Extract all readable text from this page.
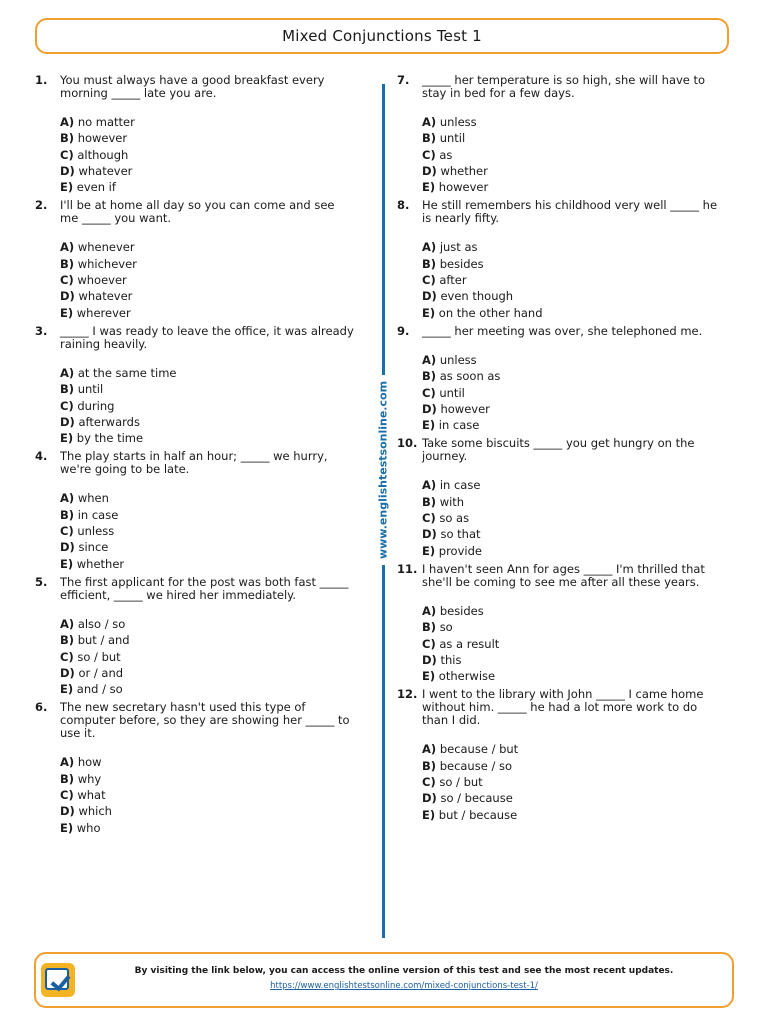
Mixed Conjunctions Test 1
www.englishtestsonline.com
1. You must always have a good breakfast every morning _____ late you are.
A) no matter
B) however
C) although
D) whatever
E) even if
2. I'll be at home all day so you can come and see me _____ you want.
A) whenever
B) whichever
C) whoever
D) whatever
E) wherever
3. _____ I was ready to leave the office, it was already raining heavily.
A) at the same time
B) until
C) during
D) afterwards
E) by the time
4. The play starts in half an hour; _____ we hurry, we're going to be late.
A) when
B) in case
C) unless
D) since
E) whether
5. The first applicant for the post was both fast _____ efficient, _____ we hired her immediately.
A) also / so
B) but / and
C) so / but
D) or / and
E) and / so
6. The new secretary hasn't used this type of computer before, so they are showing her _____ to use it.
A) how
B) why
C) what
D) which
E) who
7. _____ her temperature is so high, she will have to stay in bed for a few days.
A) unless
B) until
C) as
D) whether
E) however
8. He still remembers his childhood very well _____ he is nearly fifty.
A) just as
B) besides
C) after
D) even though
E) on the other hand
9. _____ her meeting was over, she telephoned me.
A) unless
B) as soon as
C) until
D) however
E) in case
10. Take some biscuits _____ you get hungry on the journey.
A) in case
B) with
C) so as
D) so that
E) provide
11. I haven't seen Ann for ages _____ I'm thrilled that she'll be coming to see me after all these years.
A) besides
B) so
C) as a result
D) this
E) otherwise
12. I went to the library with John _____ I came home without him. _____ he had a lot more work to do than I did.
A) because / but
B) because / so
C) so / but
D) so / because
E) but / because
By visiting the link below, you can access the online version of this test and see the most recent updates.
https://www.englishtestsonline.com/mixed-conjunctions-test-1/
